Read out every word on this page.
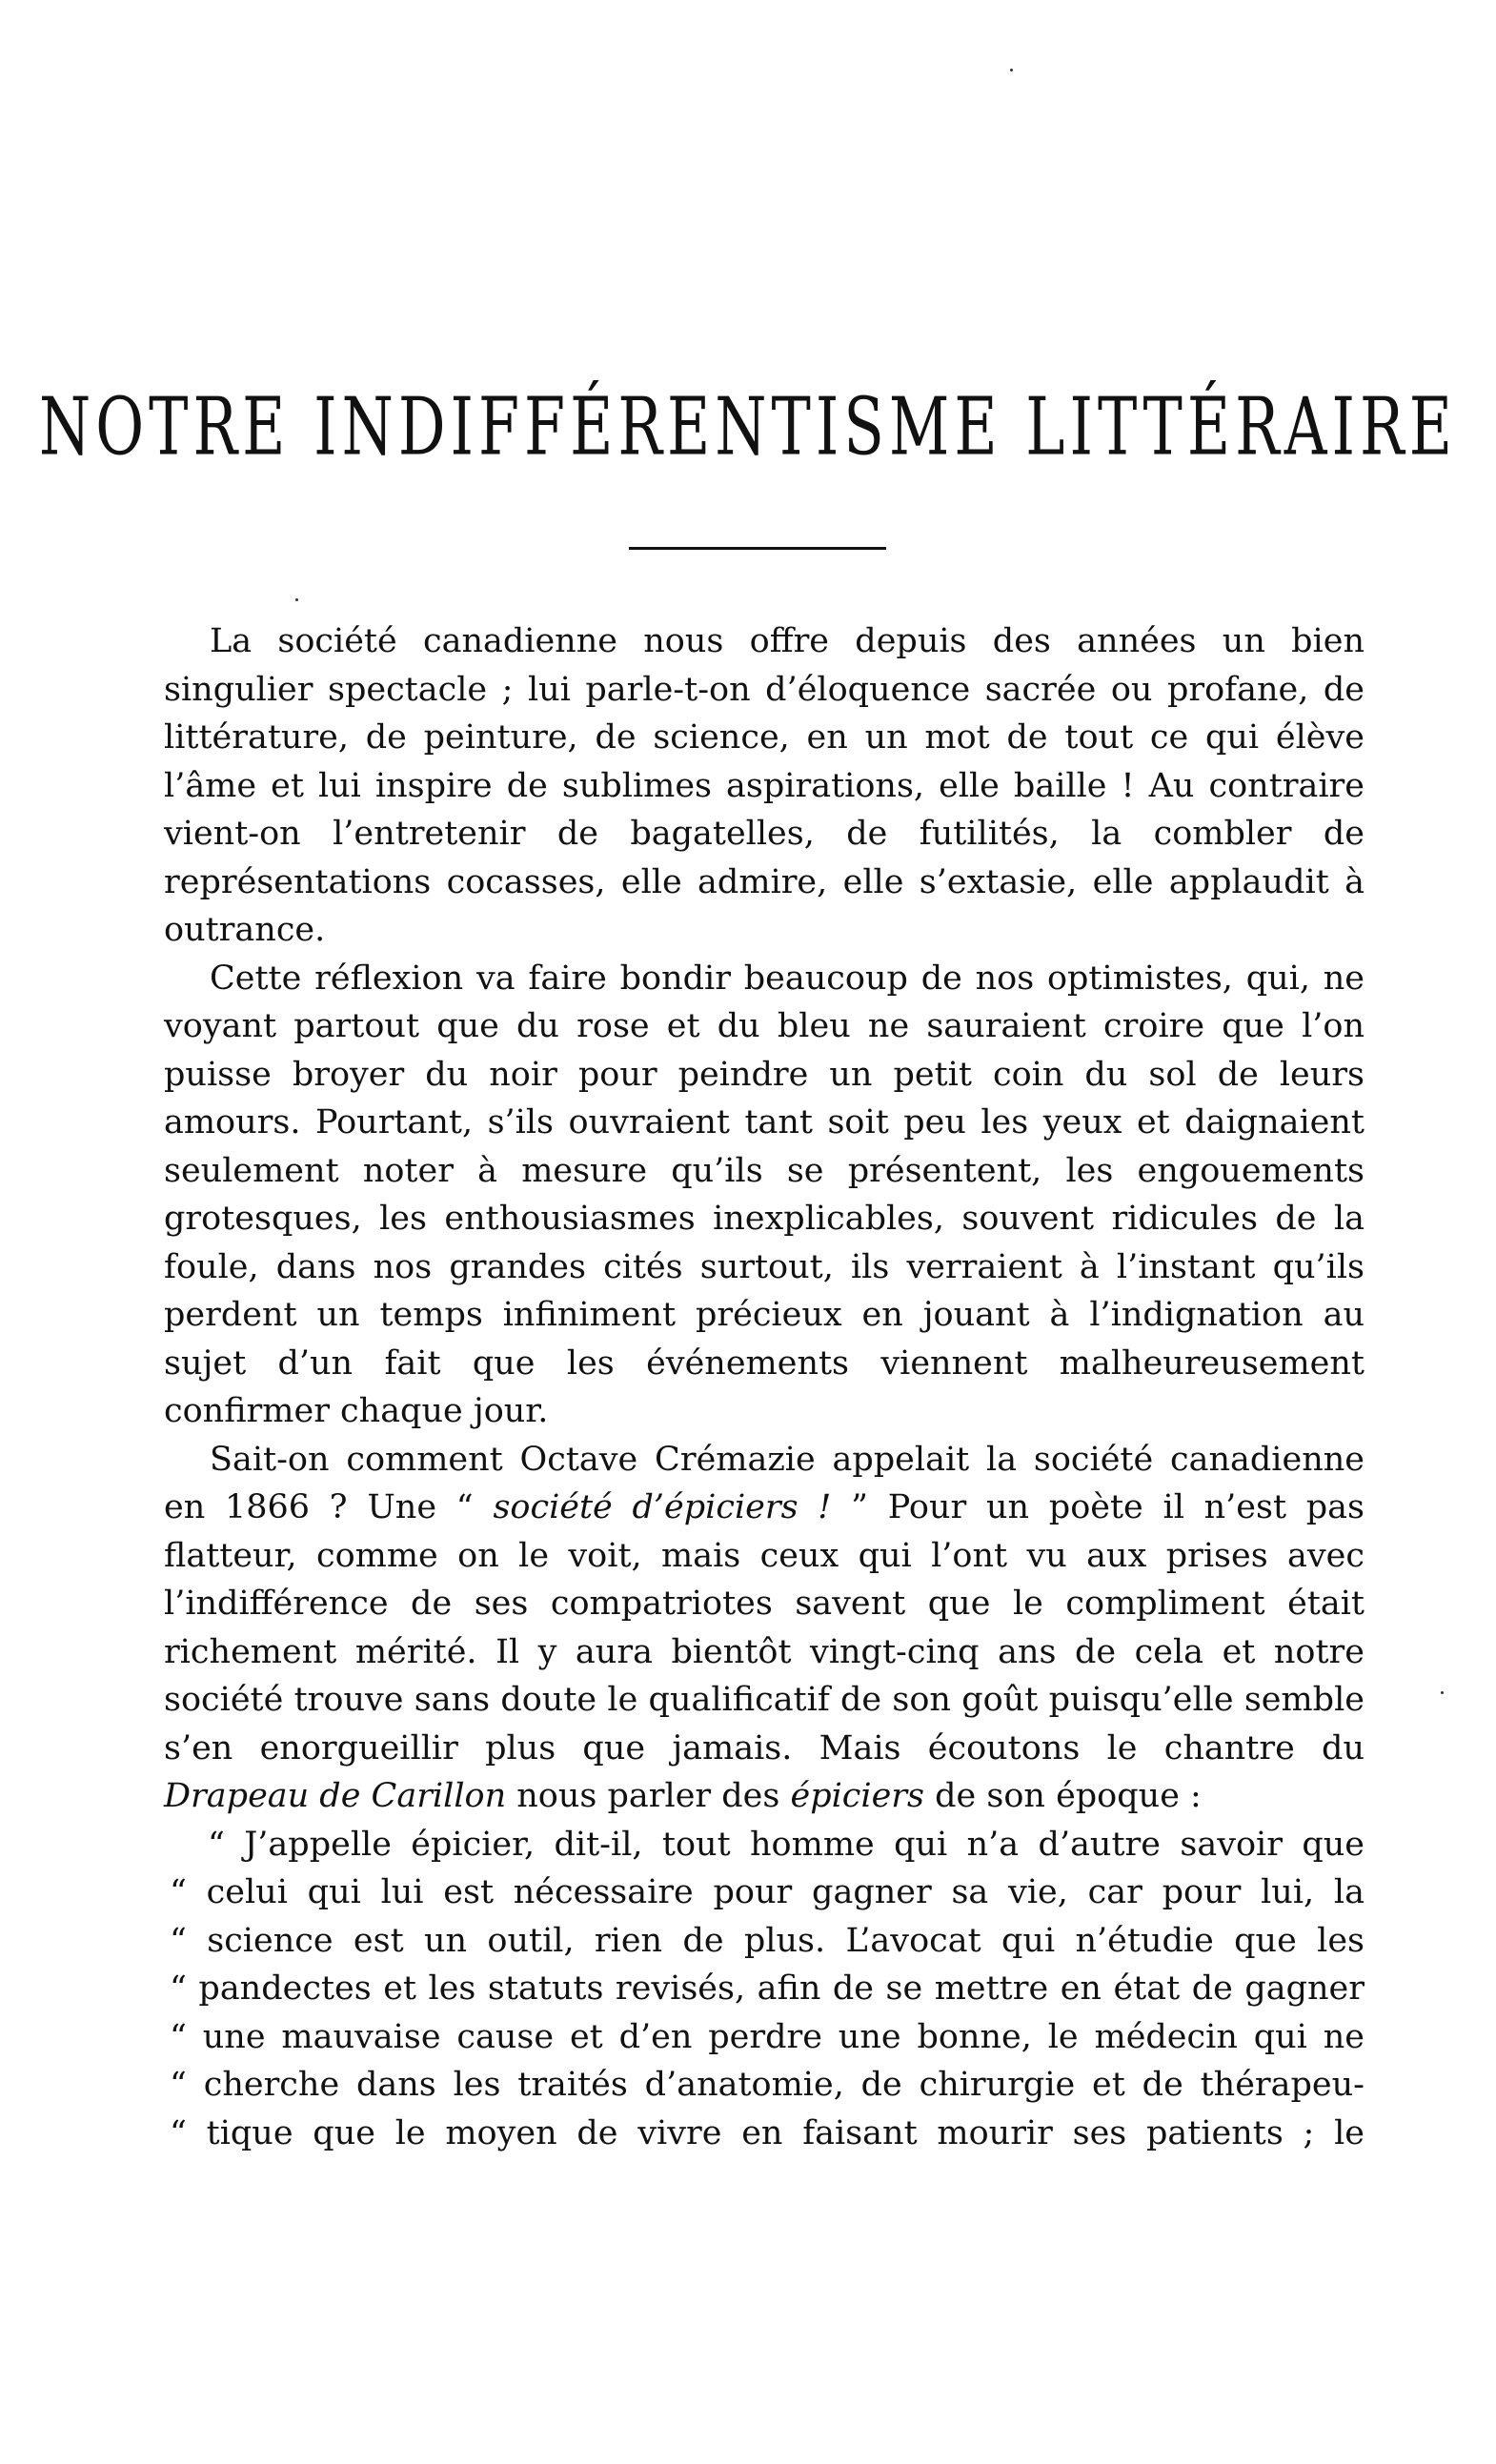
NOTRE INDIFFÉRENTISME LITTÉRAIRE

La société canadienne nous offre depuis des années un bien singulier spectacle ; lui parle-t-on d’éloquence sacrée ou profane, de littérature, de peinture, de science, en un mot de tout ce qui élève l’âme et lui inspire de sublimes aspirations, elle baille ! Au contraire vient-on l’entretenir de bagatelles, de futilités, la combler de représentations cocasses, elle admire, elle s’extasie, elle applaudit à outrance.

Cette réflexion va faire bondir beaucoup de nos optimistes, qui, ne voyant partout que du rose et du bleu ne sauraient croire que l’on puisse broyer du noir pour peindre un petit coin du sol de leurs amours. Pourtant, s’ils ouvraient tant soit peu les yeux et daignaient seulement noter à mesure qu’ils se présentent, les engouements grotesques, les enthousiasmes inexplicables, souvent ridicules de la foule, dans nos grandes cités surtout, ils verraient à l’instant qu’ils perdent un temps infiniment précieux en jouant à l’indignation au sujet d’un fait que les événements viennent malheureusement confirmer chaque jour.

Sait-on comment Octave Crémazie appelait la société canadienne en 1866 ? Une “ société d’épiciers ! ” Pour un poète il n’est pas flatteur, comme on le voit, mais ceux qui l’ont vu aux prises avec l’indifférence de ses compatriotes savent que le compliment était richement mérité. Il y aura bientôt vingt-cinq ans de cela et notre société trouve sans doute le qualificatif de son goût puisqu’elle semble s’en enorgueillir plus que jamais. Mais écoutons le chantre du Drapeau de Carillon nous parler des épiciers de son époque :

“ J’appelle épicier, dit-il, tout homme qui n’a d’autre savoir que
“ celui qui lui est nécessaire pour gagner sa vie, car pour lui, la
“ science est un outil, rien de plus. L’avocat qui n’étudie que les
“ pandectes et les statuts revisés, afin de se mettre en état de gagner
“ une mauvaise cause et d’en perdre une bonne, le médecin qui ne
“ cherche dans les traités d’anatomie, de chirurgie et de thérapeu-
“ tique que le moyen de vivre en faisant mourir ses patients ; le
